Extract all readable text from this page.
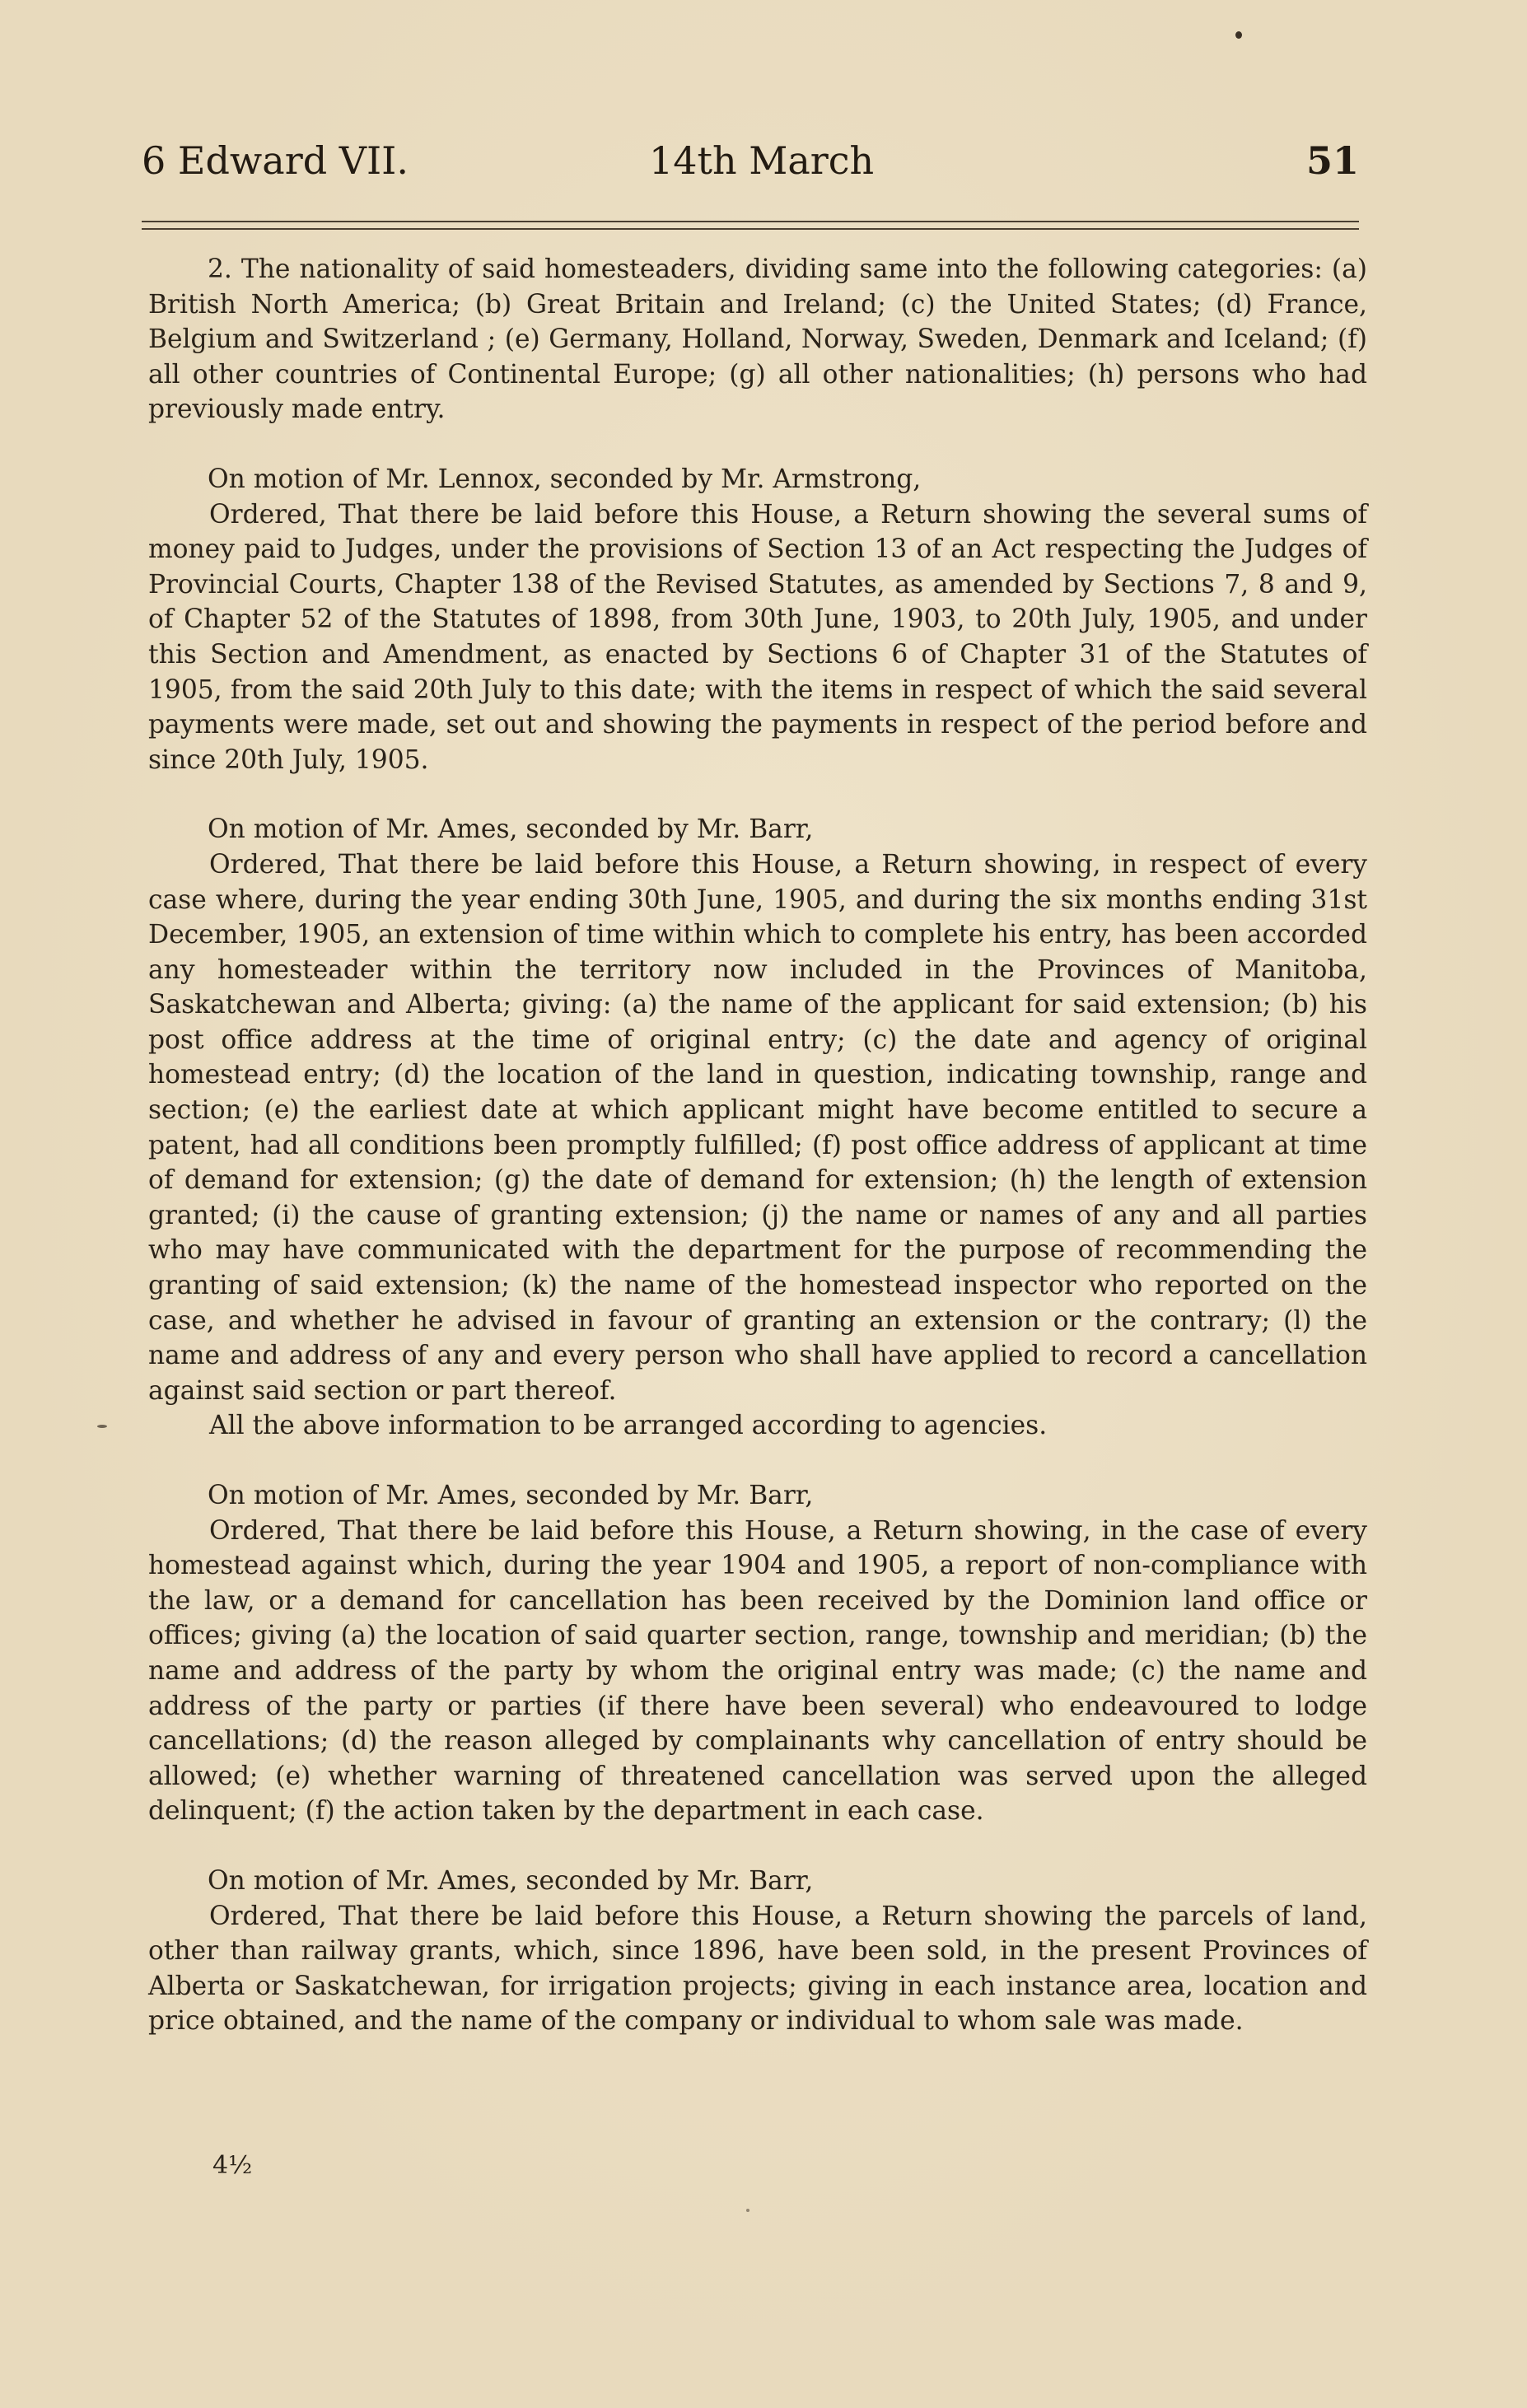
6 Edward VII.	14th March	51

2. The nationality of said homesteaders, dividing same into the following categories: (a) British North America; (b) Great Britain and Ireland; (c) the United States; (d) France, Belgium and Switzerland ; (e) Germany, Holland, Norway, Sweden, Denmark and Iceland; (f) all other countries of Continental Europe; (g) all other nationalities; (h) persons who had previously made entry.

On motion of Mr. Lennox, seconded by Mr. Armstrong,

Ordered, That there be laid before this House, a Return showing the several sums of money paid to Judges, under the provisions of Section 13 of an Act respecting the Judges of Provincial Courts, Chapter 138 of the Revised Statutes, as amended by Sections 7, 8 and 9, of Chapter 52 of the Statutes of 1898, from 30th June, 1903, to 20th July, 1905, and under this Section and Amendment, as enacted by Sections 6 of Chapter 31 of the Statutes of 1905, from the said 20th July to this date; with the items in respect of which the said several payments were made, set out and showing the payments in respect of the period before and since 20th July, 1905.

On motion of Mr. Ames, seconded by Mr. Barr,

Ordered, That there be laid before this House, a Return showing, in respect of every case where, during the year ending 30th June, 1905, and during the six months ending 31st December, 1905, an extension of time within which to complete his entry, has been accorded any homesteader within the territory now included in the Provinces of Manitoba, Saskatchewan and Alberta; giving: (a) the name of the applicant for said extension; (b) his post office address at the time of original entry; (c) the date and agency of original homestead entry; (d) the location of the land in question, indicating township, range and section; (e) the earliest date at which applicant might have become entitled to secure a patent, had all conditions been promptly fulfilled; (f) post office address of applicant at time of demand for extension; (g) the date of demand for extension; (h) the length of extension granted; (i) the cause of granting extension; (j) the name or names of any and all parties who may have communicated with the department for the purpose of recommending the granting of said extension; (k) the name of the homestead inspector who reported on the case, and whether he advised in favour of granting an extension or the contrary; (l) the name and address of any and every person who shall have applied to record a cancellation against said section or part thereof.

All the above information to be arranged according to agencies.

On motion of Mr. Ames, seconded by Mr. Barr,

Ordered, That there be laid before this House, a Return showing, in the case of every homestead against which, during the year 1904 and 1905, a report of non-compliance with the law, or a demand for cancellation has been received by the Dominion land office or offices; giving (a) the location of said quarter section, range, township and meridian; (b) the name and address of the party by whom the original entry was made; (c) the name and address of the party or parties (if there have been several) who endeavoured to lodge cancellations; (d) the reason alleged by complainants why cancellation of entry should be allowed; (e) whether warning of threatened cancellation was served upon the alleged delinquent; (f) the action taken by the department in each case.

On motion of Mr. Ames, seconded by Mr. Barr,

Ordered, That there be laid before this House, a Return showing the parcels of land, other than railway grants, which, since 1896, have been sold, in the present Provinces of Alberta or Saskatchewan, for irrigation projects; giving in each instance area, location and price obtained, and the name of the company or individual to whom sale was made.

4½
